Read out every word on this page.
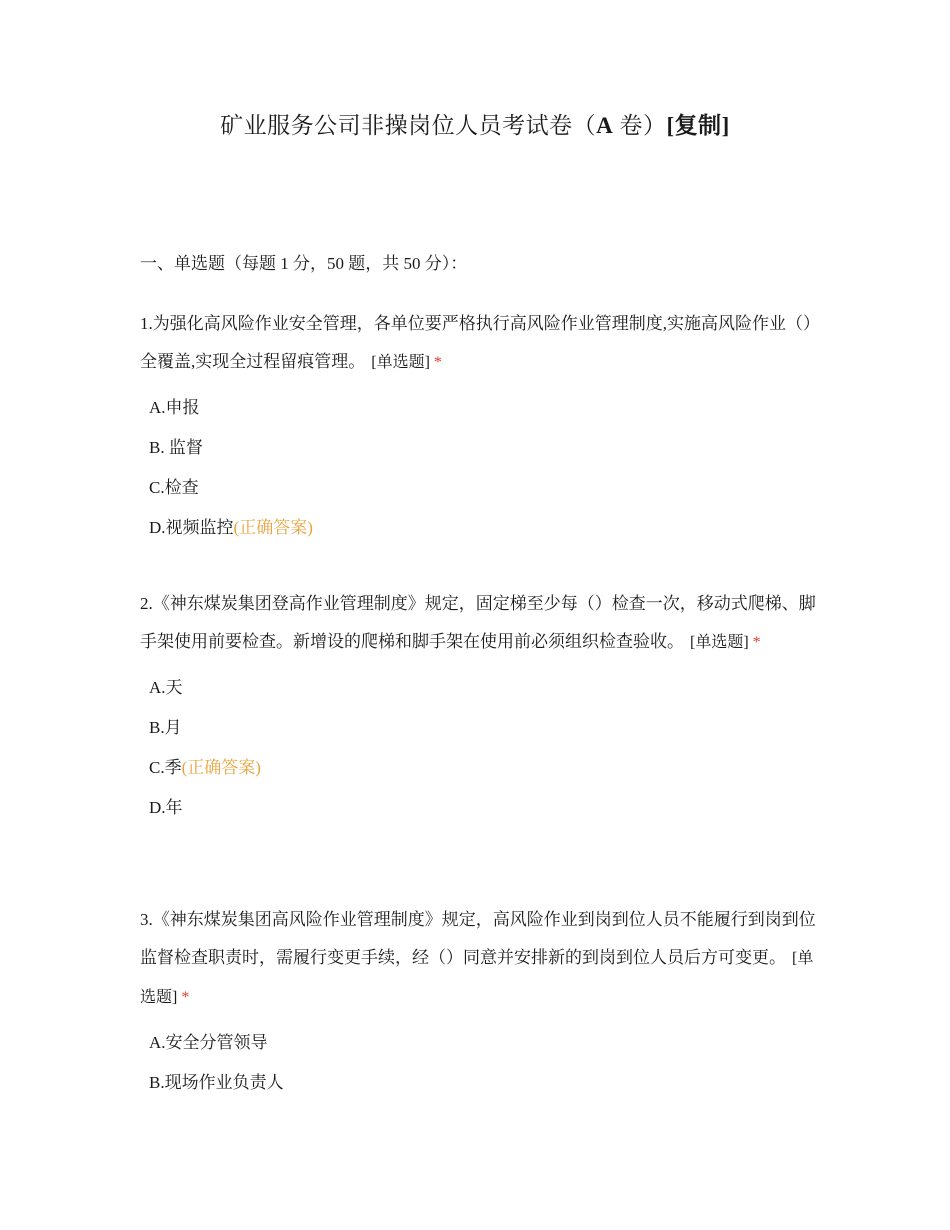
矿业服务公司非操岗位人员考试卷（A 卷）[复制]
一、单选题（每题 1 分，50 题，共 50 分）：

1.为强化高风险作业安全管理，各单位要严格执行高风险作业管理制度,实施高风险作业（）全覆盖,实现全过程留痕管理。 [单选题] *

A.申报
B. 监督
C.检查
D.视频监控(正确答案)

2.《神东煤炭集团登高作业管理制度》规定，固定梯至少每（）检查一次，移动式爬梯、脚手架使用前要检查。新增设的爬梯和脚手架在使用前必须组织检查验收。 [单选题] *

A.天
B.月
C.季(正确答案)
D.年

3.《神东煤炭集团高风险作业管理制度》规定，高风险作业到岗到位人员不能履行到岗到位监督检查职责时，需履行变更手续，经（）同意并安排新的到岗到位人员后方可变更。 [单选题] *

A.安全分管领导
B.现场作业负责人
